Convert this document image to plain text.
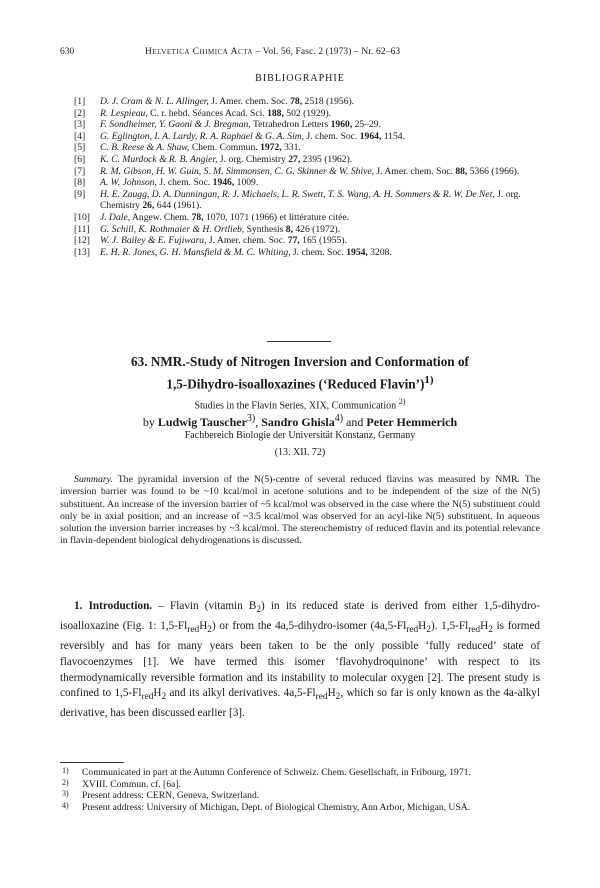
630	Helvetica Chimica Acta – Vol. 56, Fasc. 2 (1973) – Nr. 62–63
BIBLIOGRAPHIE
[1] D. J. Cram & N. L. Allinger, J. Amer. chem. Soc. 78, 2518 (1956).
[2] R. Lespieau, C. r. hebd. Séances Acad. Sci. 188, 502 (1929).
[3] F. Sondheimer, Y. Gaoni & J. Bregman, Tetrahedron Letters 1960, 25–29.
[4] G. Eglington, I. A. Lardy, R. A. Raphael & G. A. Sim, J. chem. Soc. 1964, 1154.
[5] C. B. Reese & A. Shaw, Chem. Commun. 1972, 331.
[6] K. C. Murdock & R. B. Angier, J. org. Chemistry 27, 2395 (1962).
[7] R. M. Gibson, H. W. Guin, S. M. Simmonsen, C. G. Skinner & W. Shive, J. Amer. chem. Soc. 88, 5366 (1966).
[8] A. W. Johnson, J. chem. Soc. 1946, 1009.
[9] H. E. Zaugg, D. A. Dunningan, R. J. Michaels, L. R. Swett, T. S. Wang, A. H. Sommers & R. W. De Net, J. org. Chemistry 26, 644 (1961).
[10] J. Dale, Angew. Chem. 78, 1070, 1071 (1966) et littérature citée.
[11] G. Schill, K. Rothmaier & H. Ortlieb, Synthesis 8, 426 (1972).
[12] W. J. Bailey & E. Fujiwara, J. Amer. chem. Soc. 77, 165 (1955).
[13] E. H. R. Jones, G. H. Mansfield & M. C. Whiting, J. chem. Soc. 1954, 3208.
63. NMR.-Study of Nitrogen Inversion and Conformation of
1,5-Dihydro-isoalloxazines (‘Reduced Flavin’)$^{1)}$
Studies in the Flavin Series, XIX, Communication $^{2)}$
by Ludwig Tauscher$^{3)}$, Sandro Ghisla$^{4)}$ and Peter Hemmerich
Fachbereich Biologie der Universität Konstanz, Germany
(13. XII. 72)
Summary. The pyramidal inversion of the N(5)-centre of several reduced flavins was measured by NMR. The inversion barrier was found to be ~10 kcal/mol in acetone solutions and to be independent of the size of the N(5) substituent. An increase of the inversion barrier of ~5 kcal/mol was observed in the case where the N(5) substituent could only be in axial position, and an increase of ~3.5 kcal/mol was observed for an acyl-like N(5) substituent. In aqueous solution the inversion barrier increases by ~3 kcal/mol. The stereochemistry of reduced flavin and its potential relevance in flavin-dependent biological dehydrogenations is discussed.
1. Introduction. – Flavin (vitamin $B_2$) in its reduced state is derived from either 1,5-dihydro-isoalloxazine (Fig. 1: $1,5-Fl_{red}H_2$) or from the 4a,5-dihydro-isomer $(4a,5-Fl_{red}H_2)$. $1,5-Fl_{red}H_2$ is formed reversibly and has for many years been taken to be the only possible ‘fully reduced’ state of flavocoenzymes [1]. We have termed this isomer ‘flavohydroquinone’ with respect to its thermodynamically reversible formation and its instability to molecular oxygen [2]. The present study is confined to $1,5-Fl_{red}H_2$ and its alkyl derivatives. $4a,5-Fl_{red}H_2$, which so far is only known as the 4a-alkyl derivative, has been discussed earlier [3].
1) Communicated in part at the Autumn Conference of Schweiz. Chem. Gesellschaft, in Fribourg, 1971.
2) XVIII. Commun. cf. [6a].
3) Present address: CERN, Geneva, Switzerland.
4) Present address: University of Michigan, Dept. of Biological Chemistry, Ann Arbor, Michigan, USA.
